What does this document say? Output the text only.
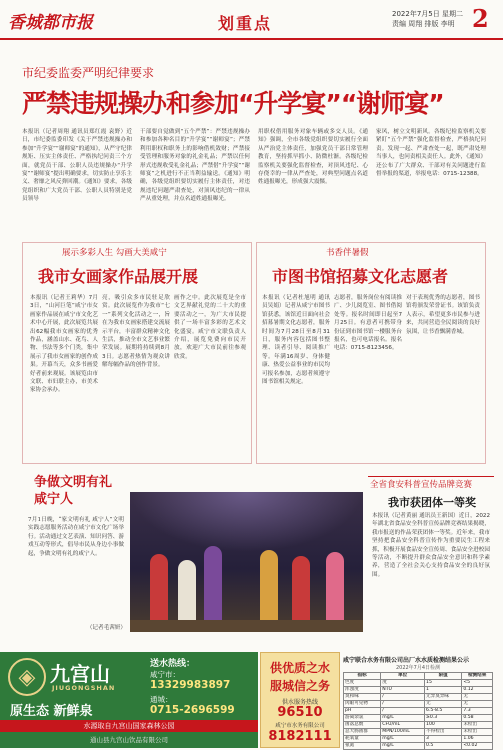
香城都市报	划重点	2022年7月5日 星期二
责编 周翔 排版 李明 2
市纪委监委严明纪律要求
严禁违规操办和参加“升学宴”“谢师宴”
本报讯（记者周翔 通讯员郑红霞 袁野）近日，市纪委监委印发《关于严禁违规操办和参加“升学宴”“谢师宴”的通知》，从严守纪律规矩、压实主体责任、严格执纪问责三个方面，就党员干部、公职人员违规操办“升学宴”“谢师宴”提出明确要求，切实防止享乐主义、奢靡之风反弹回潮。《通知》要求，各级党组织和广大党员干部、公职人员特别是党员领导
干部要自觉做到“五个严禁”：严禁违规操办和参加各种名目的“升学宴”“谢师宴”；严禁利用职权和职务上的影响借机敛财；严禁接受管理和服务对象的礼金礼品；严禁以任何形式违规收受礼金礼品；严禁借“升学宴”“谢师宴”之机进行不正当利益输送。《通知》明确，各级党组织要切实履行主体责任，对违规违纪问题严肃查处，对顶风违纪的一律从严从重处理，并点名道姓通报曝光。
用职权借用服务对象车辆或多交人员。《通知》强调，全市各级党组织要切实履行全面从严治党主体责任，加强党员干部日常管理教育，坚持抓早抓小、防微杜渐。各级纪检监察机关要强化监督检查，对顶风违纪、心存侥幸的一律从严查处，对典型问题点名道姓通报曝光，形成强大震慑。
家风，树立文明新风。各级纪检监察机关要紧盯“五个严禁”强化监督检查，严格执纪问责。发现一起、严肃查处一起，既严肃处理当事人，也问责相关责任人。此外，《通知》还公布了广大群众、干部对有关问题进行监督举报的渠道，举报电话：0715-12388。
展示多彩人生 勾画大美咸宁
我市女画家作品展开展
本报讯（记者王莉华）7月3日，“山河巨笔”咸宁市女画家作品展在咸宁市文化艺术中心开展，此次展览共展出62幅我市女画家的优秀作品，涵盖山水、花鸟、人物、书法等多个门类，集中展示了我市女画家的创作成果。开幕当天，众多书画爱好者前来观展。该展览由市文联、市妇联主办，市美术家协会承办。
亮，吸引众多市民驻足欣赏。此次展览作为我市“七一”系列文化活动之一，旨在为我市女画家搭建交流展示平台，丰富群众精神文化生活，推动全市文艺事业繁荣发展。展期将持续到8月3日。志愿者热情为观众讲解每幅作品的创作背景。
画作之中。此次展览是全市文艺界献礼党的二十大的重要活动之一，为广大市民提供了一场丰富多彩的艺术文化盛宴。咸宁市文联负责人介绍，展览免费向市民开放，欢迎广大市民前往参观欣赏。
书香伴暑假
市图书馆招募文化志愿者
本报讯（记者杜旭明 通讯员吴娟）记者从咸宁市图书馆获悉，该馆近日面向社会招募暑期文化志愿者，服务时间为7月28日至8月31日，服务内容包括图书整理、读者引导、阅读推广等。年满16周岁、身体健康、热爱公益事业的市民均可报名参加，志愿者须遵守图书馆相关规定。
志愿者，服务岗位有阅读推广、少儿阅览室、图书借阅处等。报名时间即日起至7月25日。有意者可携带身份证到市图书馆一楼服务台报名，也可电话报名。报名电话：0715-8123456。
对于表现优秀的志愿者，图书馆将颁发荣誉证书。该馆负责人表示，希望更多市民参与进来，共同营造全民阅读的良好氛围，让书香飘满香城。
争做文明有礼咸宁人
7月1日晚，“家文明有礼 咸宁人”文明实践志愿服务活动在咸宁市文化广场举行。活动通过文艺表演、知识问答、游戏互动等形式，倡导市民从身边小事做起，争做文明有礼的咸宁人。
（记者毛茜妍）
全省食安科普宣传品牌竞赛
我市获团体一等奖
本报讯（记者黄丽 通讯员王新国）近日，2022年湖北省食品安全科普宣传品牌竞赛结果揭晓，我市报送的作品荣获团体一等奖。近年来，我市坚持把食品安全科普宣传作为重要民生工程来抓，积极开展食品安全宣传周、食品安全进校园等活动，不断提升群众食品安全意识和科学素养，营造了全社会关心支持食品安全的良好氛围。
◈ 九宫山
JIUGONGSHAN
原生态 新鲜泉
送水热线：
咸宁市：
13329983897
通城：
0715-2696599
水源取自九宫山国家森林公园
通山县九宫山饮品有限公司
供优质之水
服城信之务
供水服务热线
96510
咸宁市水务有限公司
8182111
咸宁联合水务有限公司出厂水水质检测结果公示
2022年7月4日检测
指标	单位	限值	检测结果
色度	度	15	<5
浑浊度	NTU	1	0.12
臭和味	/	无异臭异味	无
肉眼可见物	/	无	无
pH	/	6.5-8.5	7.3
游离余氯	mg/L	≥0.3	0.58
菌落总数	CFU/mL	100	未检出
总大肠菌群	MPN/100mL	不得检出	未检出
耗氧量	mg/L	3	1.06
氨氮	mg/L	0.5	<0.02
